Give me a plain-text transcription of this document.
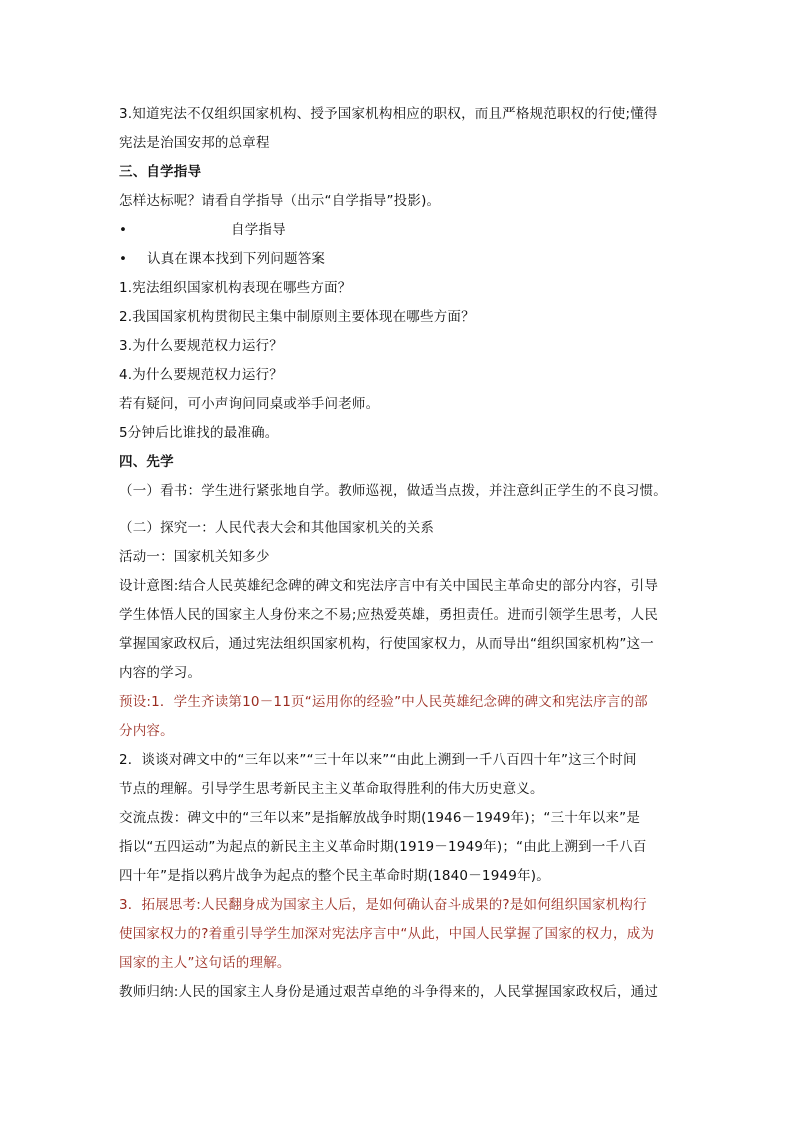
3.知道宪法不仅组织国家机构、授予国家机构相应的职权，而且严格规范职权的行使;懂得
宪法是治国安邦的总章程
三、自学指导
怎样达标呢？请看自学指导（出示“自学指导”投影)。
•	自学指导
•	认真在课本找到下列问题答案
1.宪法组织国家机构表现在哪些方面？
2.我国国家机构贯彻民主集中制原则主要体现在哪些方面？
3.为什么要规范权力运行？
4.为什么要规范权力运行？
若有疑问，可小声询问同桌或举手问老师。
5分钟后比谁找的最准确。
四、先学
（一）看书：学生进行紧张地自学。教师巡视，做适当点拨，并注意纠正学生的不良习惯。
（二）探究一：人民代表大会和其他国家机关的关系
活动一：国家机关知多少
设计意图:结合人民英雄纪念碑的碑文和宪法序言中有关中国民主革命史的部分内容，引导
学生体悟人民的国家主人身份来之不易;应热爱英雄，勇担责任。进而引领学生思考，人民
掌握国家政权后，通过宪法组织国家机构，行使国家权力，从而导出“组织国家机构”这一
内容的学习。
预设:1．学生齐读第10－11页“运用你的经验”中人民英雄纪念碑的碑文和宪法序言的部
分内容。
2．谈谈对碑文中的“三年以来”“三十年以来”“由此上溯到一千八百四十年”这三个时间
节点的理解。引导学生思考新民主主义革命取得胜利的伟大历史意义。
交流点拨：碑文中的“三年以来”是指解放战争时期(1946－1949年)；“三十年以来”是
指以“五四运动”为起点的新民主主义革命时期(1919－1949年)；“由此上溯到一千八百
四十年”是指以鸦片战争为起点的整个民主革命时期(1840－1949年)。
3．拓展思考:人民翻身成为国家主人后，是如何确认奋斗成果的?是如何组织国家机构行
使国家权力的?着重引导学生加深对宪法序言中“从此，中国人民掌握了国家的权力，成为
国家的主人”这句话的理解。
教师归纳:人民的国家主人身份是通过艰苦卓绝的斗争得来的，人民掌握国家政权后，通过
